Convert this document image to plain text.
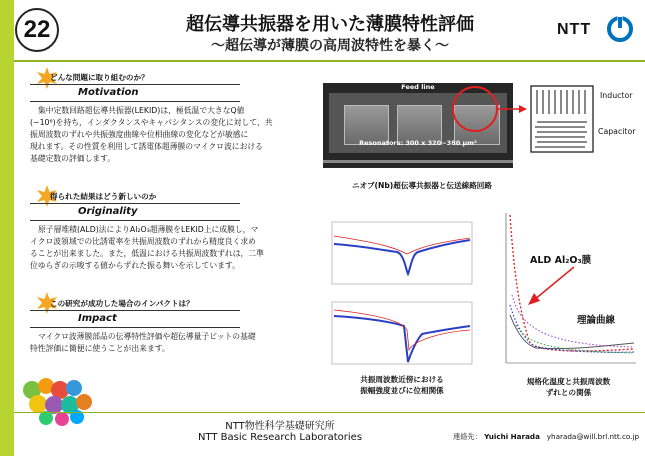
22	超伝導共振器を用いた薄膜特性評価
～超伝導が薄膜の高周波特性を暴く～
NTT
どんな問題に取り組むのか？
Motivation
集中定数回路超伝導共振器(LEKID)は，極低温で大きなQ値
(~10⁶)を持ち，インダクタンスやキャパシタンスの変化に対して，共
振周波数のずれや共振強度曲線や位相曲線の変化などが敏感に
現れます。その性質を利用して誘電体超薄膜のマイクロ波における
基礎定数の評価します。
得られた結果はどう新しいのか
Originality
原子層堆積(ALD)法によりAl₂O₃超薄膜をLEKID上に成膜し，マ
イクロ波領域での比誘電率を共振周波数のずれから精度良く求め
ることが出来ました。また，低温における共振周波数ずれは，二準
位ゆらぎの示唆する値からずれた振る舞いを示しています。
この研究が成功した場合のインパクトは？
Impact
マイクロ波薄膜部品の伝導特性評価や超伝導量子ビットの基礎
特性評価に簡便に使うことが出来ます。
Feed line
Resonators: 300 x 320~380 μm²
Inductor
Capacitor
ニオブ(Nb)超伝導共振器と伝送線路回路
共振周波数近傍における
振幅強度並びに位相関係
ALD Al₂O₃膜
理論曲線
規格化温度と共振周波数
ずれとの関係
NTT物性科学基礎研究所
NTT Basic Research Laboratories	連絡先： Yuichi Harada yharada@will.brl.ntt.co.jp
